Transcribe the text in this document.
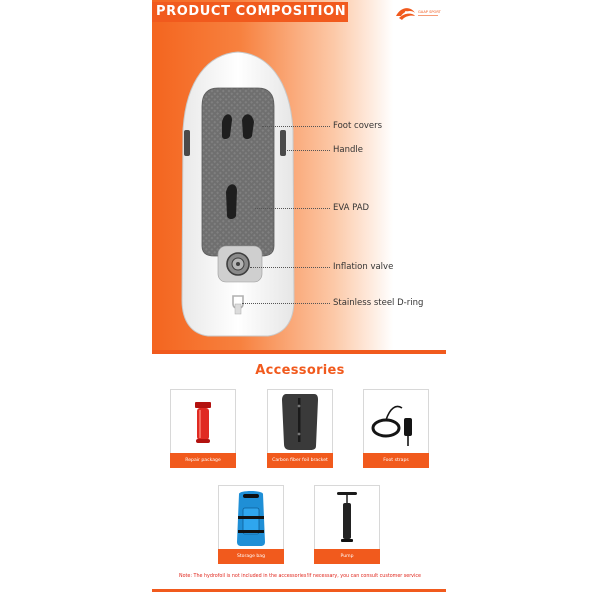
PRODUCT COMPOSITION	GAAP SPORT
Foot covers
Handle
EVA PAD
Inflation valve
Stainless steel D-ring
Accessories
Repair package	Carbon fiber foil bracket	Foot straps
Storage bag	Pump
Note: The hydrofoil is not included in the accessories!If necessary, you can consult customer service
